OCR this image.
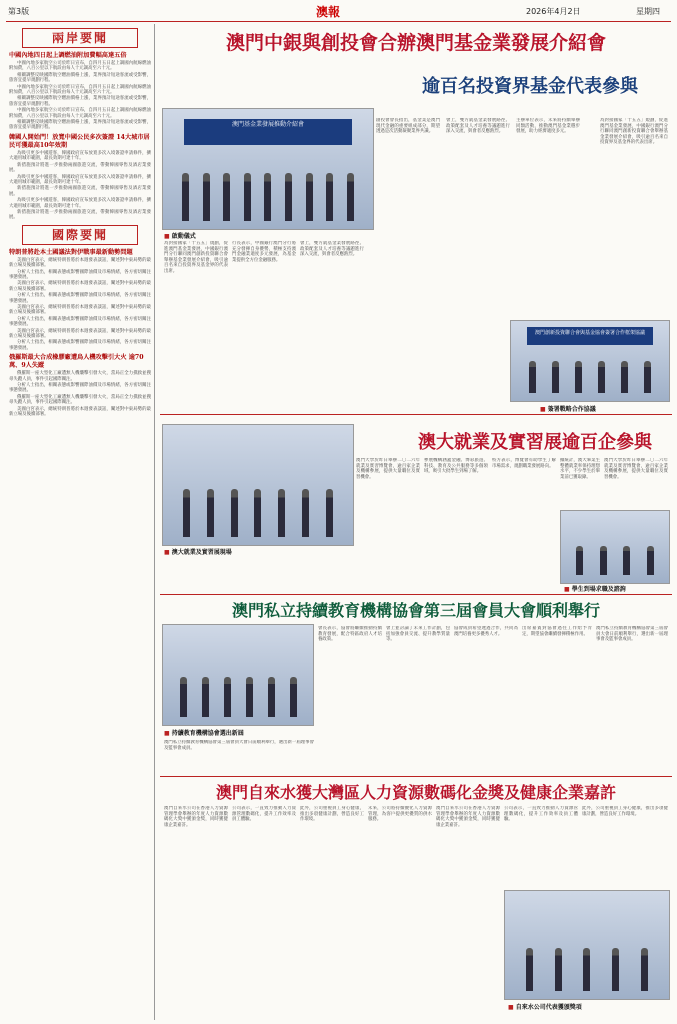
第3版	澳報	2026年4月2日	星期四
兩岸要聞
中國內地四日起上調燃油附加費幅高達五倍
中國內地多家航空公司於昨日宣布，自四月五日起上調國內航線燃油附加費，八百公里以下航段由每人十元調高至六十元。
相關調整反映國際航空燃油價格上漲，業界預計短途客流或受影響，旅客宜提早規劃行程。
中國內地多家航空公司於昨日宣布，自四月五日起上調國內航線燃油附加費，八百公里以下航段由每人十元調高至六十元。
相關調整反映國際航空燃油價格上漲，業界預計短途客流或受影響，旅客宜提早規劃行程。
中國內地多家航空公司於昨日宣布，自四月五日起上調國內航線燃油附加費，八百公里以下航段由每人十元調高至六十元。
相關調整反映國際航空燃油價格上漲，業界預計短途客流或受影響，旅客宜提早規劃行程。
韓國人開始門！放寬中國公民多次簽證 14大城市居民可獲最高10年效期
為吸引更多中國遊客，韓國政府宣布放寬多次入境簽證申請條件，擴大適用城市範圍，最長效期可達十年。
新措施預計將進一步推動兩國旅遊交流，帶動韓國零售及酒店業發展。
為吸引更多中國遊客，韓國政府宣布放寬多次入境簽證申請條件，擴大適用城市範圍，最長效期可達十年。
新措施預計將進一步推動兩國旅遊交流，帶動韓國零售及酒店業發展。
為吸引更多中國遊客，韓國政府宣布放寬多次入境簽證申請條件，擴大適用城市範圍，最長效期可達十年。
新措施預計將進一步推動兩國旅遊交流，帶動韓國零售及酒店業發展。
國際要聞
特朗普將赴本土國議法對伊戰事最新動勢問題
美國白宮表示，總統特朗普將於本週發表談話，闡述對中東局勢的最新立場及後續部署。
分析人士指出，相關表態或影響國際油價及市場情緒，各方密切關注事態發展。
美國白宮表示，總統特朗普將於本週發表談話，闡述對中東局勢的最新立場及後續部署。
分析人士指出，相關表態或影響國際油價及市場情緒，各方密切關注事態發展。
美國白宮表示，總統特朗普將於本週發表談話，闡述對中東局勢的最新立場及後續部署。
分析人士指出，相關表態或影響國際油價及市場情緒，各方密切關注事態發展。
美國白宮表示，總統特朗普將於本週發表談話，闡述對中東局勢的最新立場及後續部署。
分析人士指出，相關表態或影響國際油價及市場情緒，各方密切關注事態發展。
俄羅斯最大合成橡膠廠遭烏人機攻擊引大火 逾70萬、9人失蹤
俄羅斯一座大型化工廠遭無人機襲擊引發大火，當局正全力撲救並搜尋失蹤人員，事件引起國際關注。
分析人士指出，相關表態或影響國際油價及市場情緒，各方密切關注事態發展。
俄羅斯一座大型化工廠遭無人機襲擊引發大火，當局正全力撲救並搜尋失蹤人員，事件引起國際關注。
美國白宮表示，總統特朗普將於本週發表談話，闡述對中東局勢的最新立場及後續部署。
澳門中銀與創投會合辦澳門基金業發展介紹會
逾百名投資界基金代表參與
澳門基金業發展推動介紹會
■ 啟動儀式
為對接國家「十五五」規劃，促進澳門基金業發展，中國銀行澳門分行聯同澳門創新投資聯合會舉辦基金業發展介紹會，吸引逾百名來自投資界及基金界的代表出席。
行長表示，中國銀行澳門分行將充分發揮自身優勢，積極支持澳門金融業適度多元發展，為基金業提供全方位金融服務。
會上，雙方就基金業發展路徑、政策配套及人才培養等議題進行深入交流，與會者反應熱烈。
創投會會長指出，基金業是澳門現代金融的重要組成部分，期望透過是次活動凝聚業界共識。
會上，雙方就基金業發展路徑、政策配套及人才培養等議題進行深入交流，與會者反應熱烈。
主辦單位表示，未來將持續舉辦同類活動，推動澳門基金業穩步發展，助力經濟適度多元。
為對接國家「十五五」規劃，促進澳門基金業發展，中國銀行澳門分行聯同澳門創新投資聯合會舉辦基金業發展介紹會，吸引逾百名來自投資界及基金界的代表出席。
澳門創新投資聯合會與基金協會簽署合作框架協議
■ 簽署戰略合作協議
■ 澳大就業及實習展現場
澳大就業及實習展逾百企參與
澳門大學於昨日舉辦二〇二六年就業及實習博覽會，逾百家企業及機構參展，提供大量職位及實習機會。
參展機構涵蓋金融、博彩旅遊、科技、教育及公共服務等多個領域，吸引大批學生到場了解。
校方表示，博覽會有助學生了解市場需求，規劃職業發展路向。
據統計，澳大畢業生整體就業率保持理想水平，不少學生於畢業前已獲取錄。
澳門大學於昨日舉辦二〇二六年就業及實習博覽會，逾百家企業及機構參展，提供大量職位及實習機會。
■ 學生到場求職及諮詢
澳門私立持續教育機構協會第三屆會員大會順利舉行
■ 持續教育機構協會選出新屆
澳門私立持續教育機構協會第三屆會員大會日前順利舉行，選出新一屆理事會及監事會成員。
會長表示，協會將繼續推動持續教育發展，配合特區政府人才培養政策。
會上並討論了未來工作計劃，包括加強會員交流、提升教學質量等。
協會成員希望透過合作，共同為澳門培養更多優秀人才。
出席嘉賓對協會過往工作給予肯定，期望協會繼續發揮積極作用。
澳門私立持續教育機構協會第三屆會員大會日前順利舉行，選出新一屆理事會及監事會成員。
澳門自來水獲大灣區人力資源數碼化金獎及健康企業嘉許
澳門自來水公司在香港人力資源管理學會舉辦的年度人力資源數碼化大獎中獲頒金獎，同時獲健康企業嘉許。
公司表示，一直致力推動人力資源管理數碼化，提升工作效率及員工體驗。
此外，公司重視員工身心健康，推出多項健康計劃，營造良好工作環境。
未來，公司將持續優化人力資源管理，為客戶提供更優質的供水服務。
澳門自來水公司在香港人力資源管理學會舉辦的年度人力資源數碼化大獎中獲頒金獎，同時獲健康企業嘉許。
公司表示，一直致力推動人力資源管理數碼化，提升工作效率及員工體驗。
此外，公司重視員工身心健康，推出多項健康計劃，營造良好工作環境。
■ 自來水公司代表獲頒獎項
